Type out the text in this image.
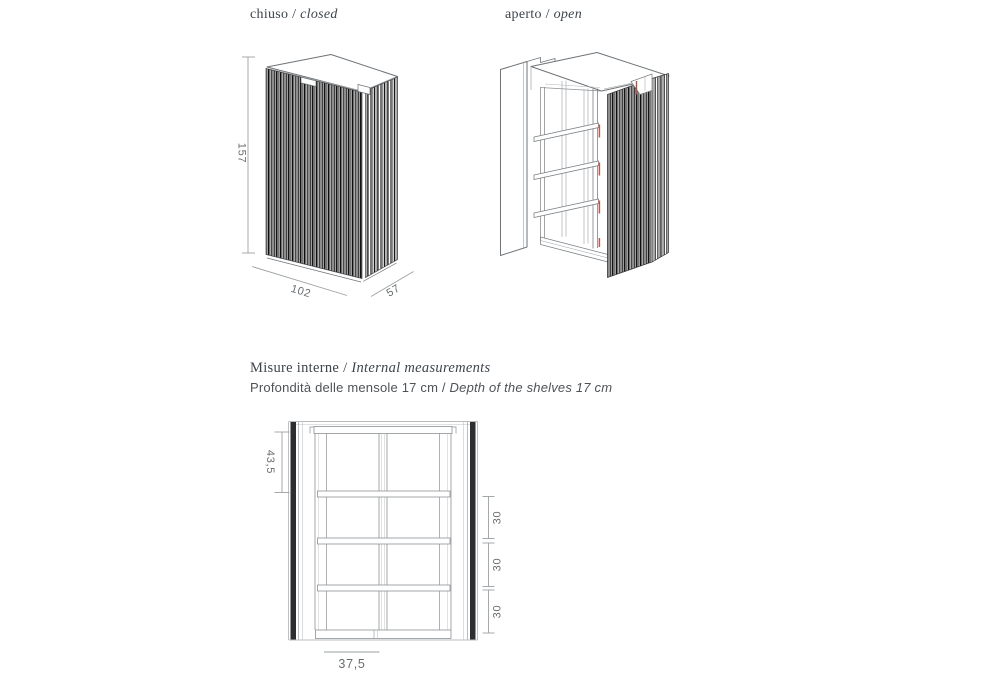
chiuso / closed	aperto / open
157
102	57
Misure interne / Internal measurements
Profondità delle mensole 17 cm / Depth of the shelves 17 cm
43,5
30
30
30
37,5
